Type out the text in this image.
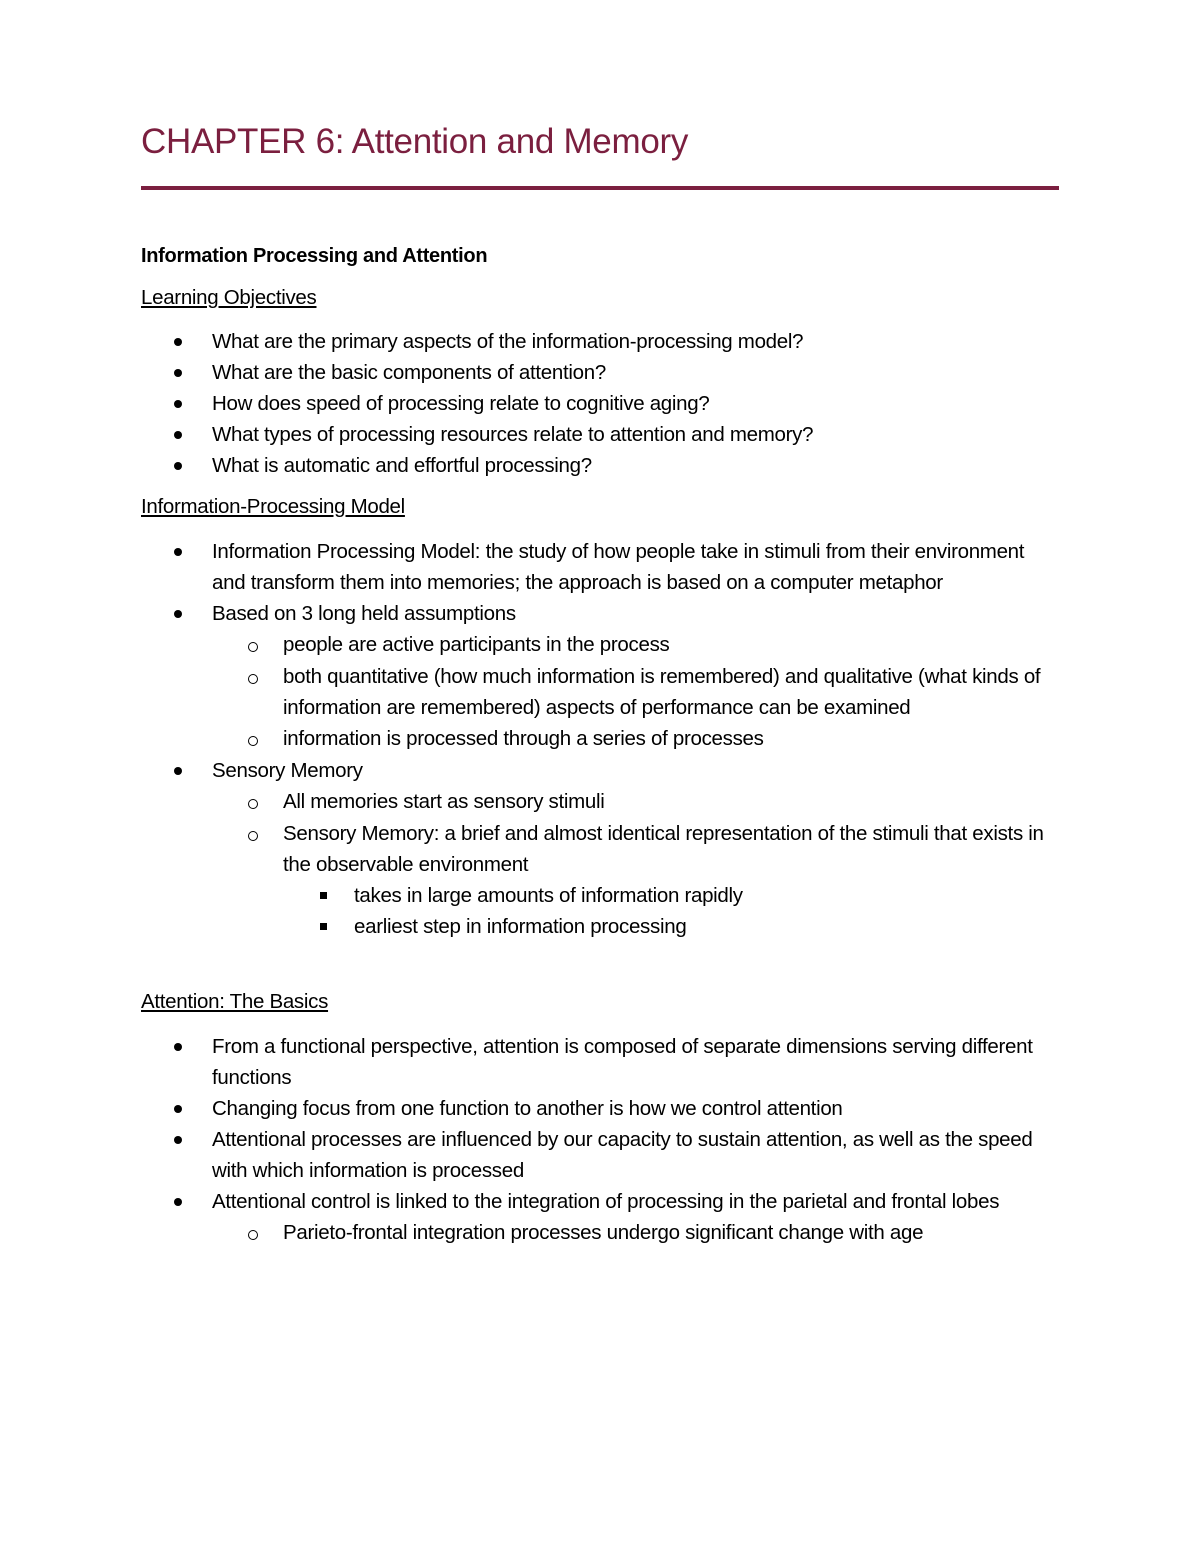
CHAPTER 6: Attention and Memory
Information Processing and Attention

Learning Objectives

What are the primary aspects of the information-processing model?
What are the basic components of attention?
How does speed of processing relate to cognitive aging?
What types of processing resources relate to attention and memory?
What is automatic and effortful processing?

Information-Processing Model

Information Processing Model: the study of how people take in stimuli from their environment and transform them into memories; the approach is based on a computer metaphor
Based on 3 long held assumptions
people are active participants in the process
both quantitative (how much information is remembered) and qualitative (what kinds of information are remembered) aspects of performance can be examined
information is processed through a series of processes
Sensory Memory
All memories start as sensory stimuli
Sensory Memory: a brief and almost identical representation of the stimuli that exists in the observable environment
takes in large amounts of information rapidly
earliest step in information processing

Attention: The Basics

From a functional perspective, attention is composed of separate dimensions serving different functions
Changing focus from one function to another is how we control attention
Attentional processes are influenced by our capacity to sustain attention, as well as the speed with which information is processed
Attentional control is linked to the integration of processing in the parietal and frontal lobes
Parieto-frontal integration processes undergo significant change with age
